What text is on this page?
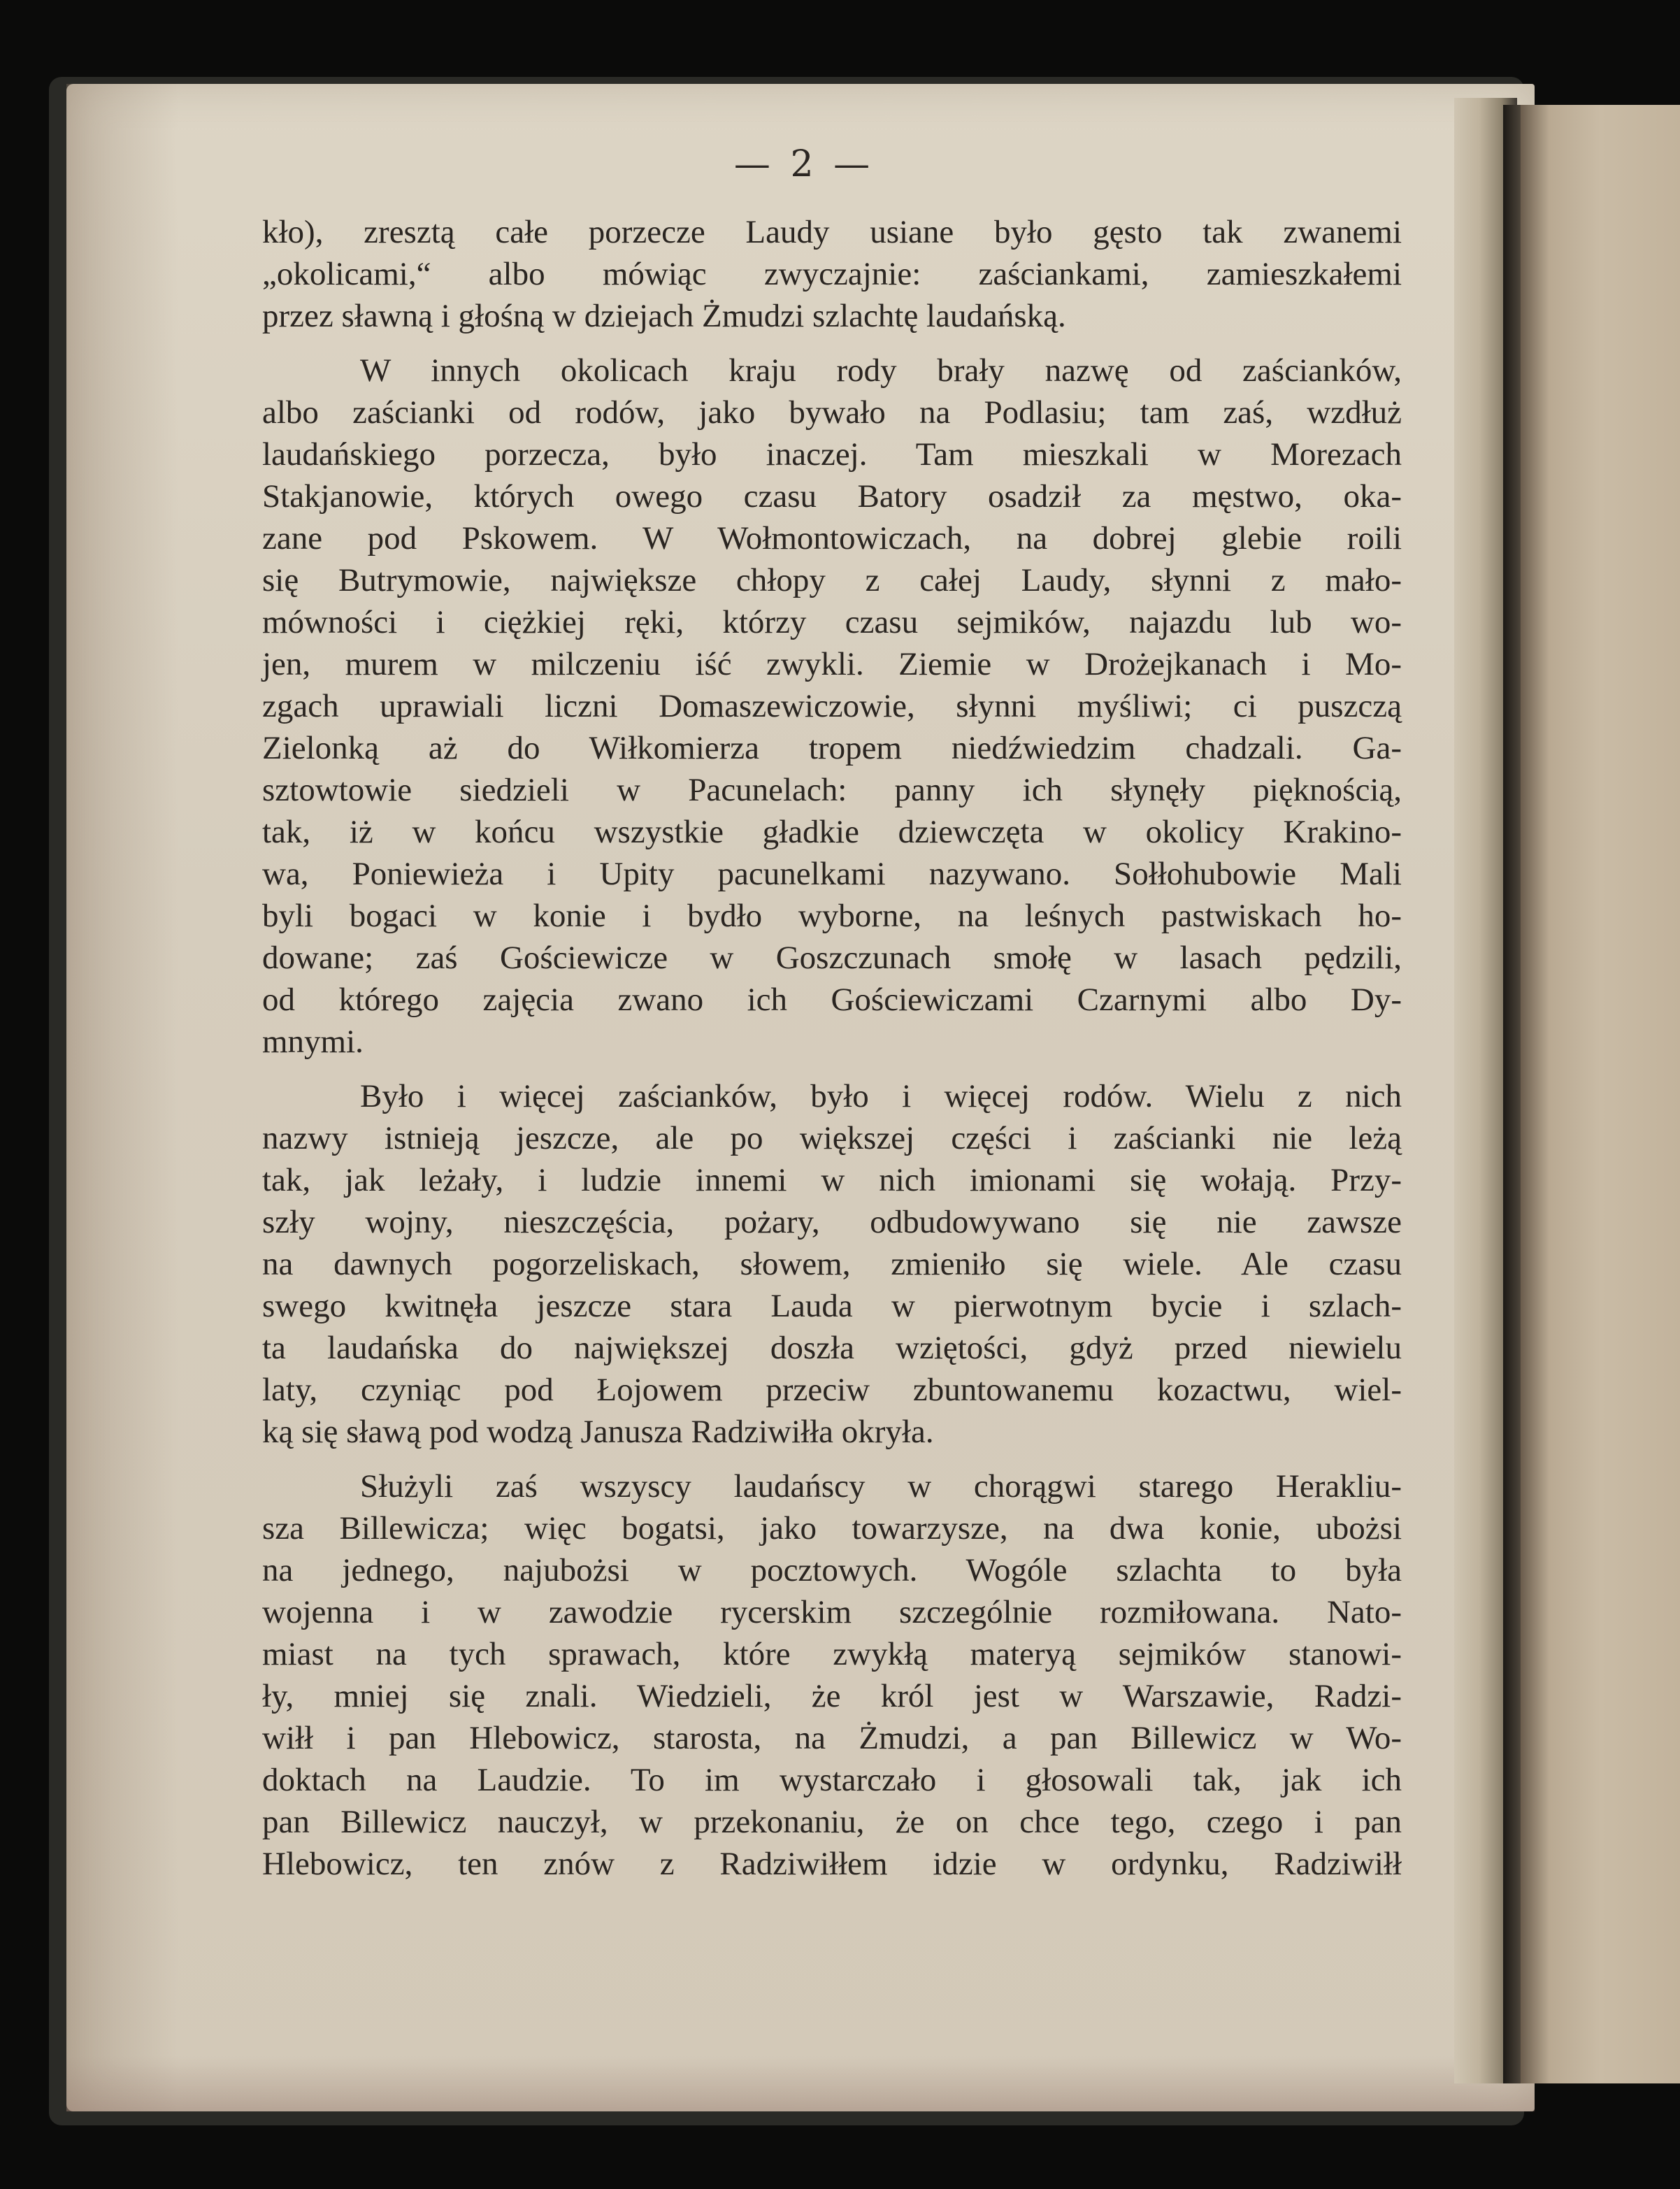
— 2 —
kło), zresztą całe porzecze Laudy usiane było gęsto tak zwanemi
„okolicami,“ albo mówiąc zwyczajnie: zaściankami, zamieszkałemi
przez sławną i głośną w dziejach Żmudzi szlachtę laudańską.
W innych okolicach kraju rody brały nazwę od zaścianków,
albo zaścianki od rodów, jako bywało na Podlasiu; tam zaś, wzdłuż
laudańskiego porzecza, było inaczej. Tam mieszkali w Morezach
Stakjanowie, których owego czasu Batory osadził za męstwo, oka-
zane pod Pskowem. W Wołmontowiczach, na dobrej glebie roili
się Butrymowie, największe chłopy z całej Laudy, słynni z mało-
mówności i ciężkiej ręki, którzy czasu sejmików, najazdu lub wo-
jen, murem w milczeniu iść zwykli. Ziemie w Drożejkanach i Mo-
zgach uprawiali liczni Domaszewiczowie, słynni myśliwi; ci puszczą
Zielonką aż do Wiłkomierza tropem niedźwiedzim chadzali. Ga-
sztowtowie siedzieli w Pacunelach: panny ich słynęły pięknością,
tak, iż w końcu wszystkie gładkie dziewczęta w okolicy Krakino-
wa, Poniewieża i Upity pacunelkami nazywano. Sołłohubowie Mali
byli bogaci w konie i bydło wyborne, na leśnych pastwiskach ho-
dowane; zaś Gościewicze w Goszczunach smołę w lasach pędzili,
od którego zajęcia zwano ich Gościewiczami Czarnymi albo Dy-
mnymi.
Było i więcej zaścianków, było i więcej rodów. Wielu z nich
nazwy istnieją jeszcze, ale po większej części i zaścianki nie leżą
tak, jak leżały, i ludzie innemi w nich imionami się wołają. Przy-
szły wojny, nieszczęścia, pożary, odbudowywano się nie zawsze
na dawnych pogorzeliskach, słowem, zmieniło się wiele. Ale czasu
swego kwitnęła jeszcze stara Lauda w pierwotnym bycie i szlach-
ta laudańska do największej doszła wziętości, gdyż przed niewielu
laty, czyniąc pod Łojowem przeciw zbuntowanemu kozactwu, wiel-
ką się sławą pod wodzą Janusza Radziwiłła okryła.
Służyli zaś wszyscy laudańscy w chorągwi starego Herakliu-
sza Billewicza; więc bogatsi, jako towarzysze, na dwa konie, ubożsi
na jednego, najubożsi w pocztowych. Wogóle szlachta to była
wojenna i w zawodzie rycerskim szczególnie rozmiłowana. Nato-
miast na tych sprawach, które zwykłą materyą sejmików stanowi-
ły, mniej się znali. Wiedzieli, że król jest w Warszawie, Radzi-
wiłł i pan Hlebowicz, starosta, na Żmudzi, a pan Billewicz w Wo-
doktach na Laudzie. To im wystarczało i głosowali tak, jak ich
pan Billewicz nauczył, w przekonaniu, że on chce tego, czego i pan
Hlebowicz, ten znów z Radziwiłłem idzie w ordynku, Radziwiłł
